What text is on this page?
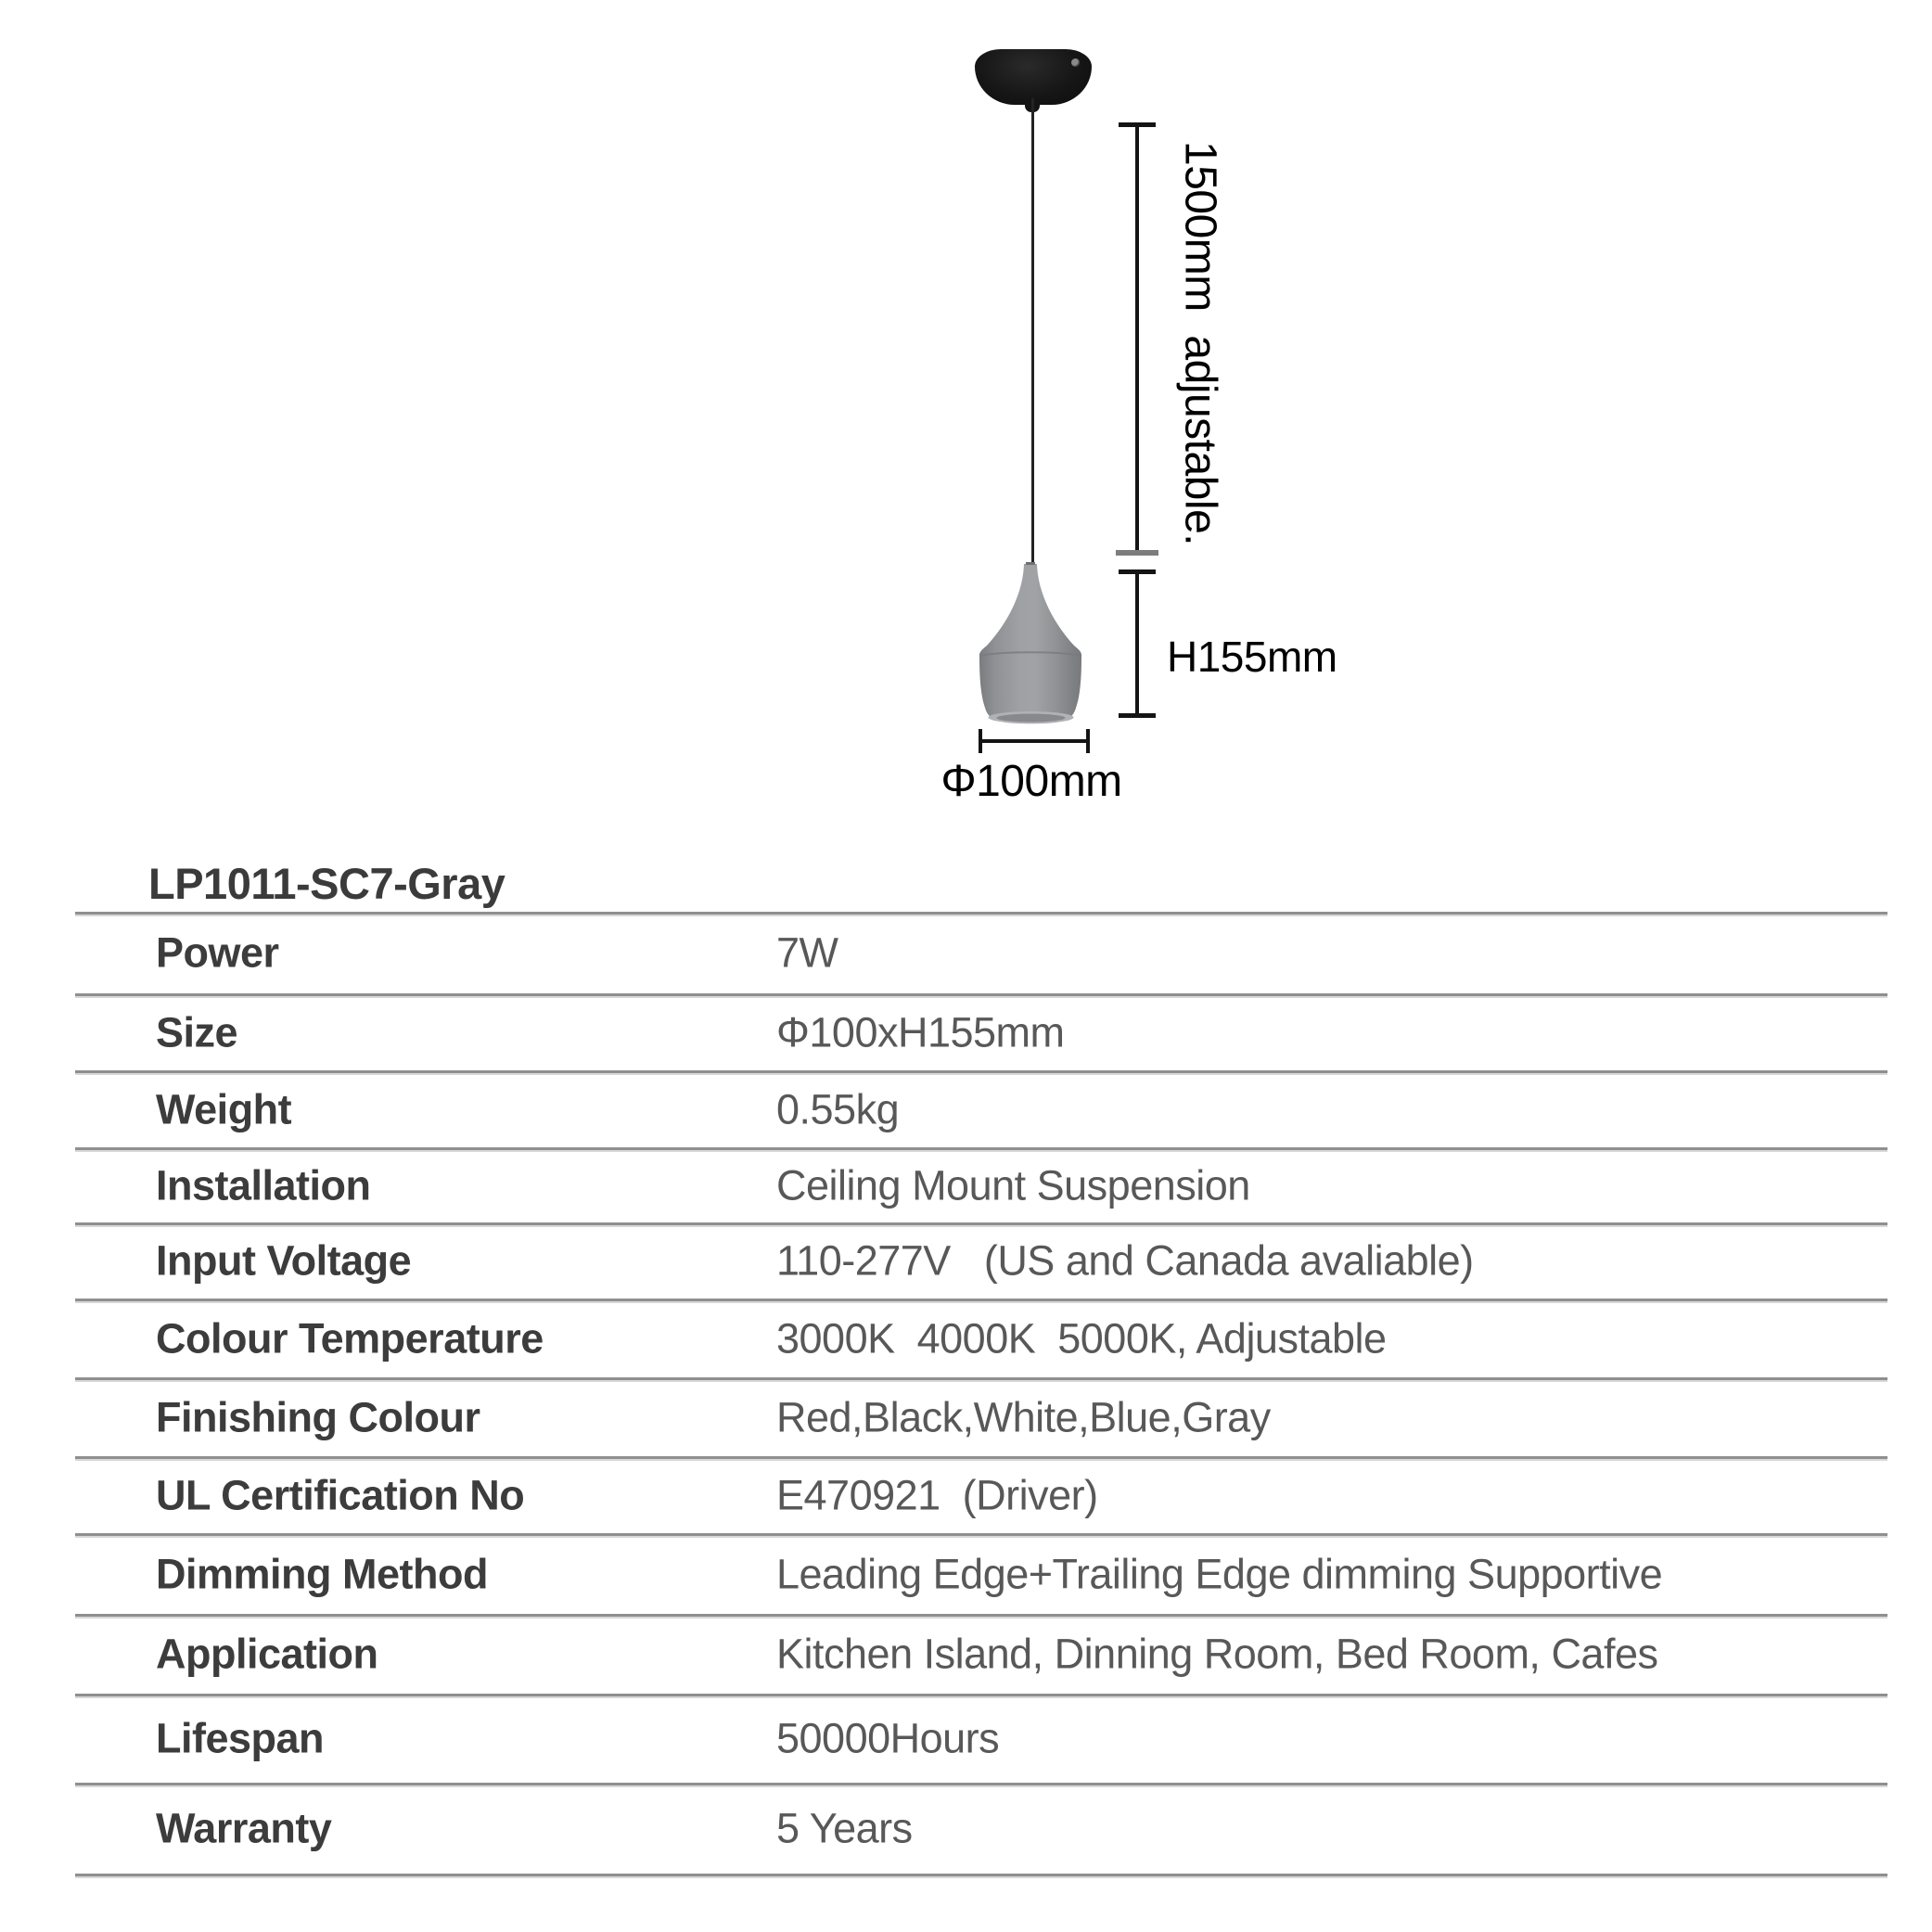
1500mm  adjustable.
H155mm
Φ100mm
LP1011-SC7-Gray
Power	7W
Size	Φ100xH155mm
Weight	0.55kg
Installation	Ceiling Mount Suspension
Input Voltage	110-277V   (US and Canada avaliable)
Colour Temperature	3000K  4000K  5000K, Adjustable
Finishing Colour	Red,Black,White,Blue,Gray
UL Certification No	E470921  (Driver)
Dimming Method	Leading Edge+Trailing Edge dimming Supportive
Application	Kitchen Island, Dinning Room, Bed Room, Cafes
Lifespan	50000Hours
Warranty	5 Years
